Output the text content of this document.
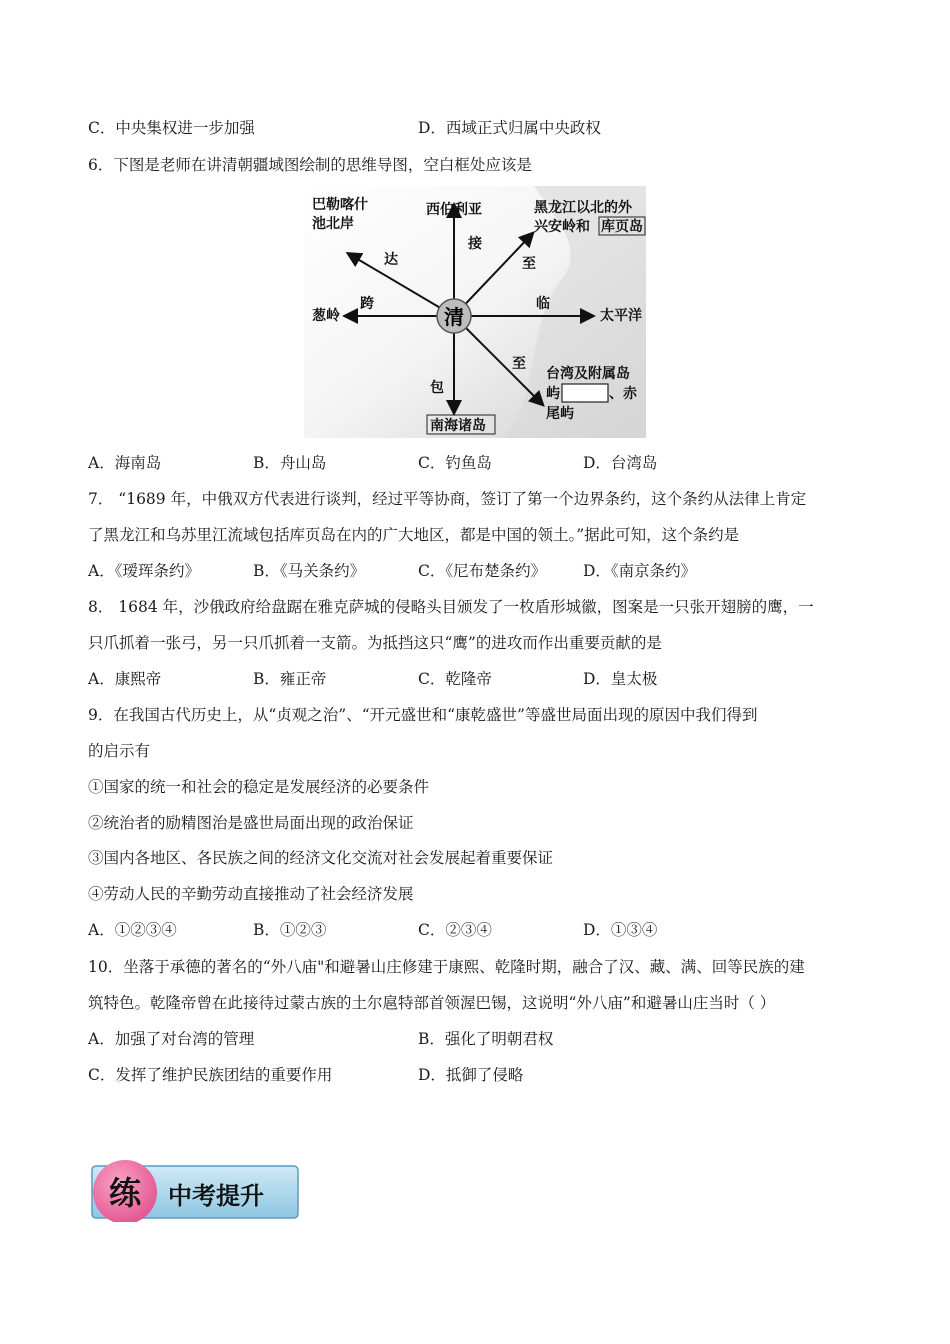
C．中央集权进一步加强	D．西域正式归属中央政权
6．下图是老师在讲清朝疆域图绘制的思维导图，空白框处应该是
清
巴勒喀什
池北岸
达
西伯利亚
接
黑龙江以北的外
兴安岭和 库页岛
至
葱岭
跨
太平洋
临
至
台湾及附属岛
屿	、赤
尾屿
包
南海诸岛
A．海南岛	B．舟山岛	C．钓鱼岛	D．台湾岛
7． “1689 年，中俄双方代表进行谈判，经过平等协商，签订了第一个边界条约，这个条约从法律上肯定
了黑龙江和乌苏里江流域包括库页岛在内的广大地区，都是中国的领土。”据此可知，这个条约是
A．《瑷珲条约》	B．《马关条约》	C．《尼布楚条约》 D．《南京条约》
8． 1684 年，沙俄政府给盘踞在雅克萨城的侵略头目颁发了一枚盾形城徽，图案是一只张开翅膀的鹰，一
只爪抓着一张弓，另一只爪抓着一支箭。为抵挡这只“鹰”的进攻而作出重要贡献的是
A．康熙帝	B．雍正帝	C．乾隆帝	D．皇太极
9．在我国古代历史上，从“贞观之治”、“开元盛世和“康乾盛世”等盛世局面出现的原因中我们得到
的启示有
①国家的统一和社会的稳定是发展经济的必要条件
②统治者的励精图治是盛世局面出现的政治保证
③国内各地区、各民族之间的经济文化交流对社会发展起着重要保证
④劳动人民的辛勤劳动直接推动了社会经济发展
A．①②③④	B．①②③	C．②③④	D．①③④
10．坐落于承德的著名的“外八庙"和避暑山庄修建于康熙、乾隆时期，融合了汉、藏、满、回等民族的建
筑特色。乾隆帝曾在此接待过蒙古族的土尔扈特部首领渥巴锡，这说明“外八庙”和避暑山庄当时（ ）
A．加强了对台湾的管理	B．强化了明朝君权
C．发挥了维护民族团结的重要作用	D．抵御了侵略
练 中考提升
